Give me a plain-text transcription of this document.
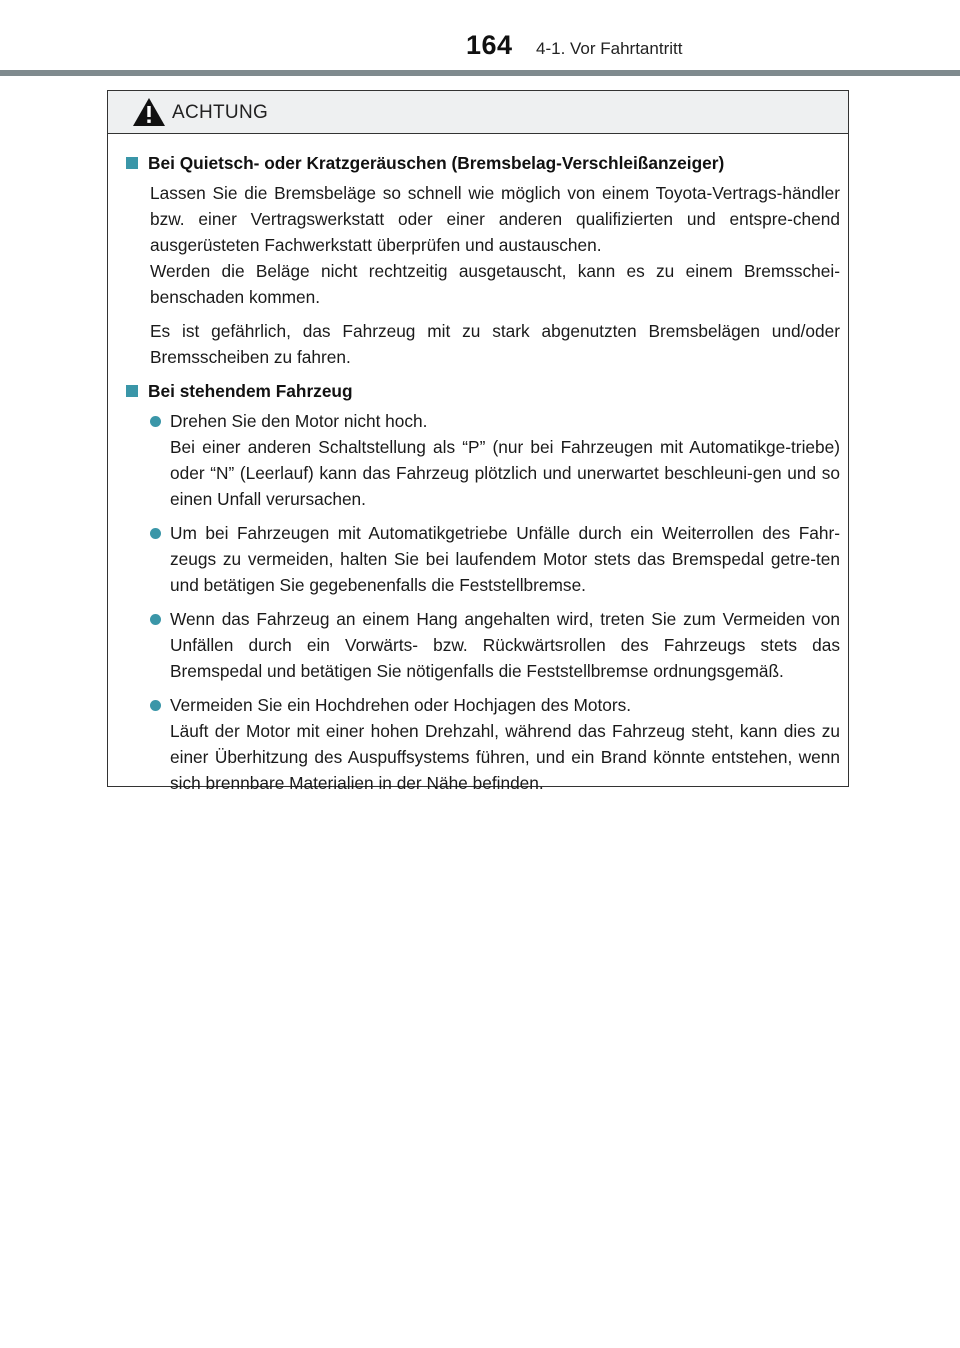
164 4-1. Vor Fahrtantritt
ACHTUNG
Bei Quietsch- oder Kratzgeräuschen (Bremsbelag-Verschleißanzeiger)

Lassen Sie die Bremsbeläge so schnell wie möglich von einem Toyota-Vertrags-händler bzw. einer Vertragswerkstatt oder einer anderen qualifizierten und entspre-chend ausgerüsteten Fachwerkstatt überprüfen und austauschen.

Werden die Beläge nicht rechtzeitig ausgetauscht, kann es zu einem Bremsschei-benschaden kommen.

Es ist gefährlich, das Fahrzeug mit zu stark abgenutzten Bremsbelägen und/oder Bremsscheiben zu fahren.

Bei stehendem Fahrzeug
Drehen Sie den Motor nicht hoch.
Bei einer anderen Schaltstellung als “P” (nur bei Fahrzeugen mit Automatikge-triebe) oder “N” (Leerlauf) kann das Fahrzeug plötzlich und unerwartet beschleuni-gen und so einen Unfall verursachen.
Um bei Fahrzeugen mit Automatikgetriebe Unfälle durch ein Weiterrollen des Fahr-zeugs zu vermeiden, halten Sie bei laufendem Motor stets das Bremspedal getre-ten und betätigen Sie gegebenenfalls die Feststellbremse.
Wenn das Fahrzeug an einem Hang angehalten wird, treten Sie zum Vermeiden von Unfällen durch ein Vorwärts- bzw. Rückwärtsrollen des Fahrzeugs stets das Bremspedal und betätigen Sie nötigenfalls die Feststellbremse ordnungsgemäß.
Vermeiden Sie ein Hochdrehen oder Hochjagen des Motors.
Läuft der Motor mit einer hohen Drehzahl, während das Fahrzeug steht, kann dies zu einer Überhitzung des Auspuffsystems führen, und ein Brand könnte entstehen, wenn sich brennbare Materialien in der Nähe befinden.
